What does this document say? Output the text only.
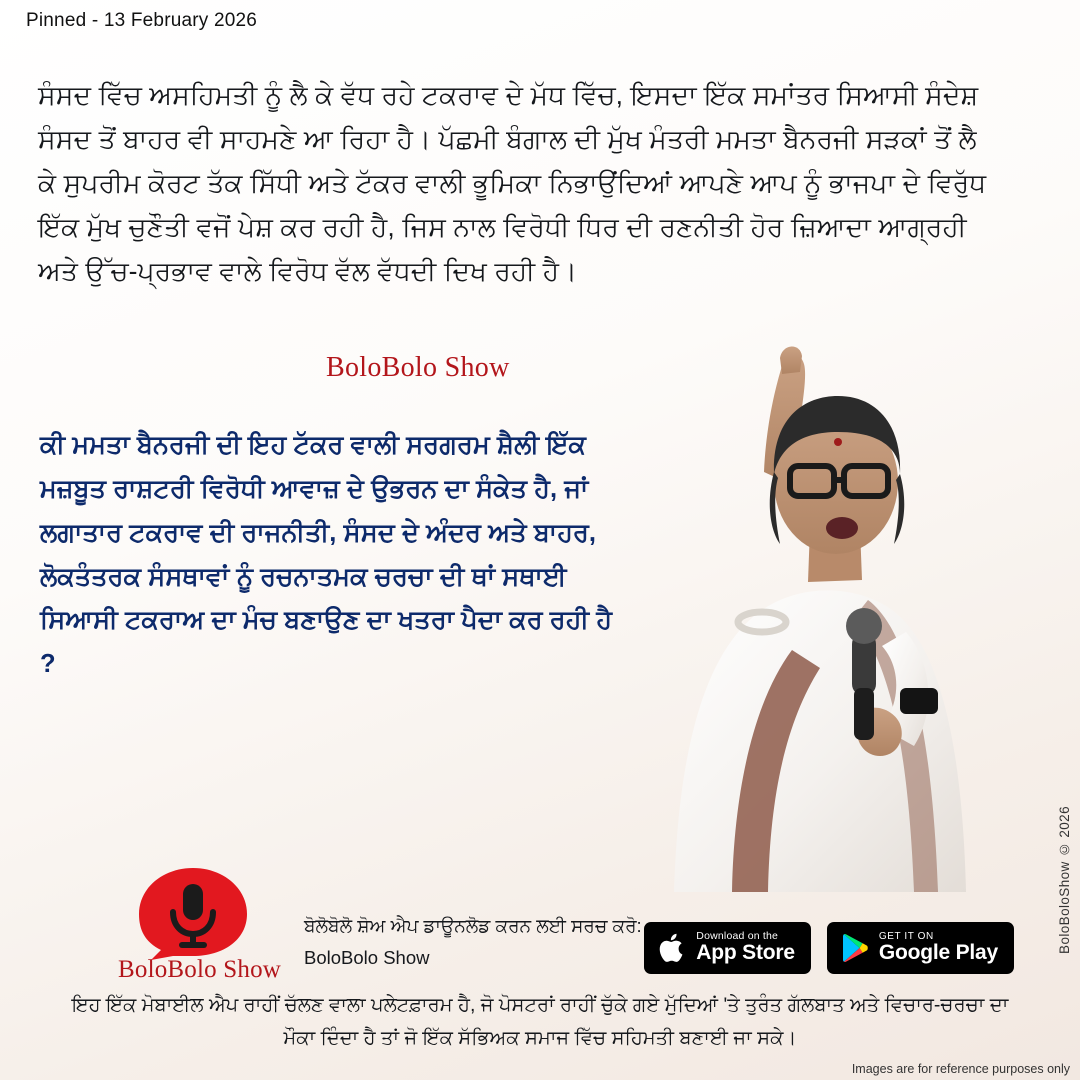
Pinned - 13 February 2026
ਸੰਸਦ ਵਿੱਚ ਅਸਹਿਮਤੀ ਨੂੰ ਲੈ ਕੇ ਵੱਧ ਰਹੇ ਟਕਰਾਵ ਦੇ ਮੱਧ ਵਿੱਚ, ਇਸਦਾ ਇੱਕ ਸਮਾਂਤਰ ਸਿਆਸੀ ਸੰਦੇਸ਼ ਸੰਸਦ ਤੋਂ ਬਾਹਰ ਵੀ ਸਾਹਮਣੇ ਆ ਰਿਹਾ ਹੈ। ਪੱਛਮੀ ਬੰਗਾਲ ਦੀ ਮੁੱਖ ਮੰਤਰੀ ਮਮਤਾ ਬੈਨਰਜੀ ਸੜਕਾਂ ਤੋਂ ਲੈ ਕੇ ਸੁਪਰੀਮ ਕੋਰਟ ਤੱਕ ਸਿੱਧੀ ਅਤੇ ਟੱਕਰ ਵਾਲੀ ਭੂਮਿਕਾ ਨਿਭਾਉਂਦਿਆਂ ਆਪਣੇ ਆਪ ਨੂੰ ਭਾਜਪਾ ਦੇ ਵਿਰੁੱਧ ਇੱਕ ਮੁੱਖ ਚੁਣੌਤੀ ਵਜੋਂ ਪੇਸ਼ ਕਰ ਰਹੀ ਹੈ, ਜਿਸ ਨਾਲ ਵਿਰੋਧੀ ਧਿਰ ਦੀ ਰਣਨੀਤੀ ਹੋਰ ਜ਼ਿਆਦਾ ਆਗ੍ਰਹੀ ਅਤੇ ਉੱਚ-ਪ੍ਰਭਾਵ ਵਾਲੇ ਵਿਰੋਧ ਵੱਲ ਵੱਧਦੀ ਦਿਖ ਰਹੀ ਹੈ।
BoloBolo Show
ਕੀ ਮਮਤਾ ਬੈਨਰਜੀ ਦੀ ਇਹ ਟੱਕਰ ਵਾਲੀ ਸਰਗਰਮ ਸ਼ੈਲੀ ਇੱਕ ਮਜ਼ਬੂਤ ਰਾਸ਼ਟਰੀ ਵਿਰੋਧੀ ਆਵਾਜ਼ ਦੇ ਉਭਰਨ ਦਾ ਸੰਕੇਤ ਹੈ, ਜਾਂ ਲਗਾਤਾਰ ਟਕਰਾਵ ਦੀ ਰਾਜਨੀਤੀ, ਸੰਸਦ ਦੇ ਅੰਦਰ ਅਤੇ ਬਾਹਰ, ਲੋਕਤੰਤਰਕ ਸੰਸਥਾਵਾਂ ਨੂੰ ਰਚਨਾਤਮਕ ਚਰਚਾ ਦੀ ਥਾਂ ਸਥਾਈ ਸਿਆਸੀ ਟਕਰਾਅ ਦਾ ਮੰਚ ਬਣਾਉਣ ਦਾ ਖਤਰਾ ਪੈਦਾ ਕਰ ਰਹੀ ਹੈ ?
BoloBolo Show
ਬੋਲੋਬੋਲੋ ਸ਼ੋਅ ਐਪ ਡਾਊਨਲੋਡ ਕਰਨ ਲਈ ਸਰਚ ਕਰੋ:
BoloBolo Show
Download on the
App Store
GET IT ON
Google Play	BoloBoloShow © 2026
ਇਹ ਇੱਕ ਮੋਬਾਈਲ ਐਪ ਰਾਹੀਂ ਚੱਲਣ ਵਾਲਾ ਪਲੇਟਫ਼ਾਰਮ ਹੈ, ਜੋ ਪੋਸਟਰਾਂ ਰਾਹੀਂ ਚੁੱਕੇ ਗਏ ਮੁੱਦਿਆਂ 'ਤੇ ਤੁਰੰਤ ਗੱਲਬਾਤ ਅਤੇ ਵਿਚਾਰ-ਚਰਚਾ ਦਾ ਮੌਕਾ ਦਿੰਦਾ ਹੈ ਤਾਂ ਜੋ ਇੱਕ ਸੱਭਿਅਕ ਸਮਾਜ ਵਿੱਚ ਸਹਿਮਤੀ ਬਣਾਈ ਜਾ ਸਕੇ।
Images are for reference purposes only
